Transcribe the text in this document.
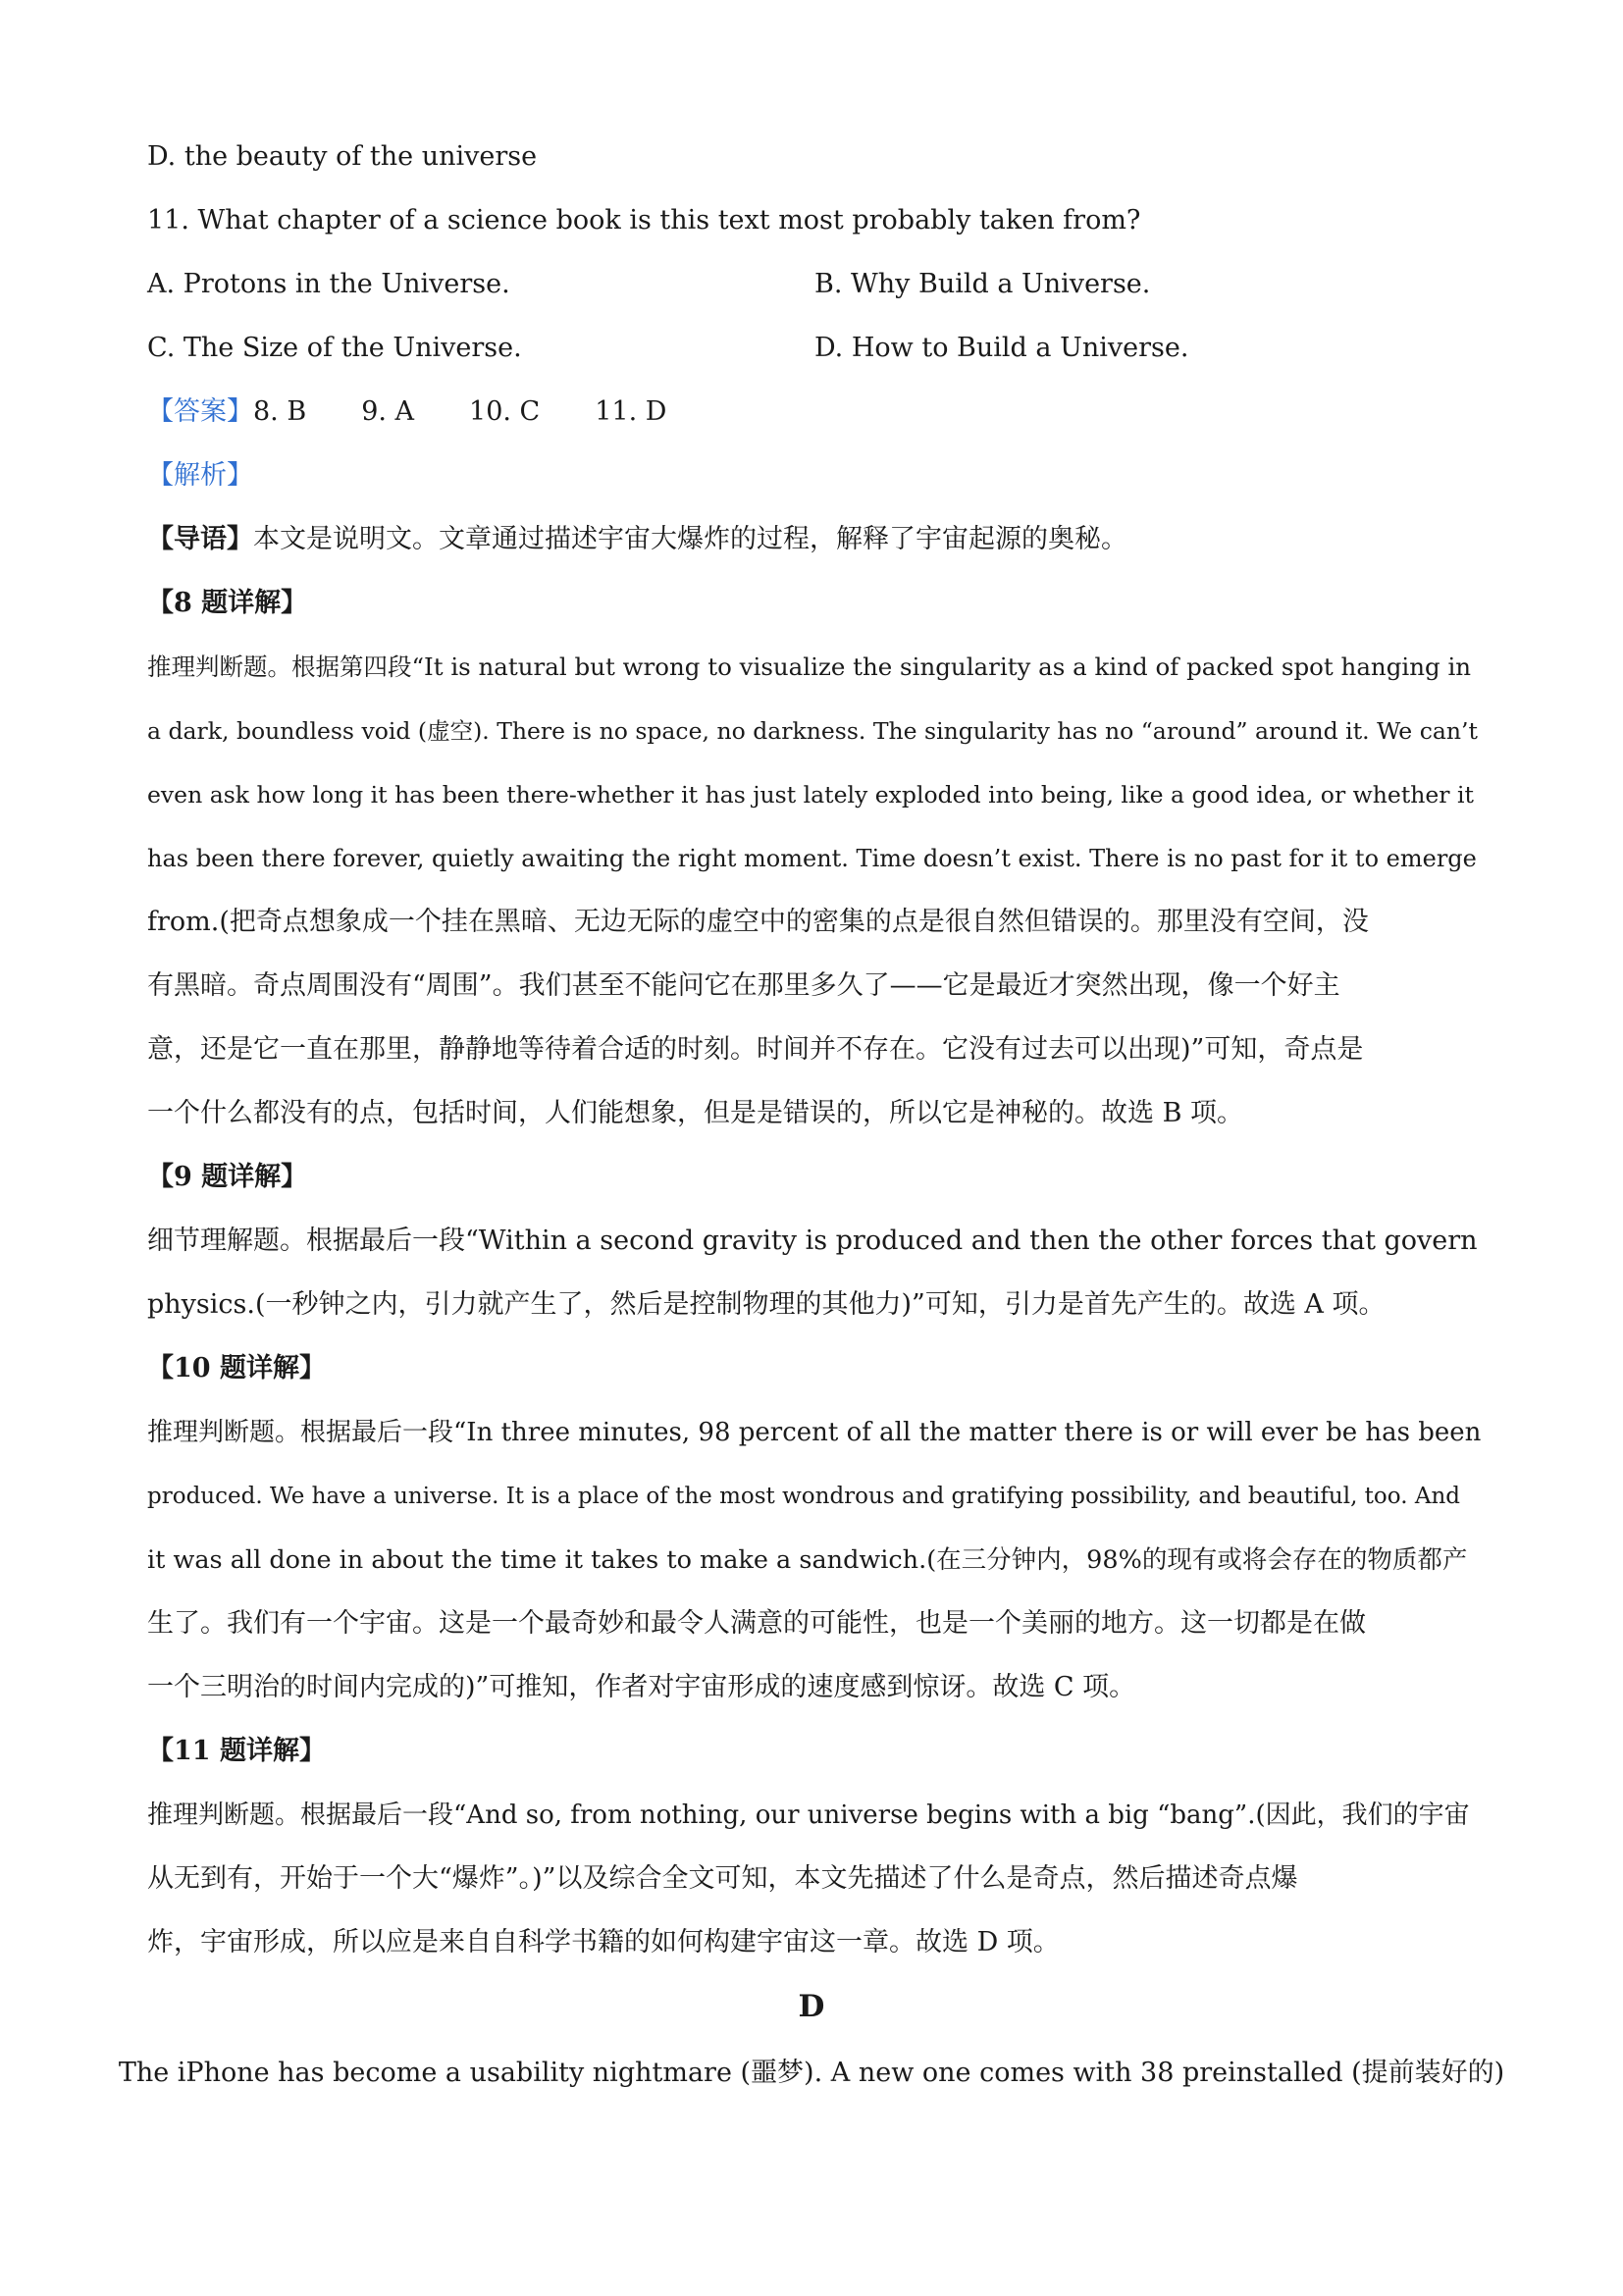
D. the beauty of the universe
11. What chapter of a science book is this text most probably taken from?
A. Protons in the Universe.	B. Why Build a Universe.
C. The Size of the Universe.	D. How to Build a Universe.
【答案】8. B 9. A 10. C 11. D
【解析】
【导语】本文是说明文。文章通过描述宇宙大爆炸的过程，解释了宇宙起源的奥秘。
【8 题详解】
推理判断题。根据第四段“It is natural but wrong to visualize the singularity as a kind of packed spot hanging in
a dark, boundless void (虚空). There is no space, no darkness. The singularity has no “around” around it. We can’t
even ask how long it has been there-whether it has just lately exploded into being, like a good idea, or whether it
has been there forever, quietly awaiting the right moment. Time doesn’t exist. There is no past for it to emerge
from.(把奇点想象成一个挂在黑暗、无边无际的虚空中的密集的点是很自然但错误的。那里没有空间，没
有黑暗。奇点周围没有“周围”。我们甚至不能问它在那里多久了——它是最近才突然出现，像一个好主
意，还是它一直在那里，静静地等待着合适的时刻。时间并不存在。它没有过去可以出现)”可知，奇点是
一个什么都没有的点，包括时间，人们能想象，但是是错误的，所以它是神秘的。故选 B 项。
【9 题详解】
细节理解题。根据最后一段“Within a second gravity is produced and then the other forces that govern
physics.(一秒钟之内，引力就产生了，然后是控制物理的其他力)”可知，引力是首先产生的。故选 A 项。
【10 题详解】
推理判断题。根据最后一段“In three minutes, 98 percent of all the matter there is or will ever be has been
produced. We have a universe. It is a place of the most wondrous and gratifying possibility, and beautiful, too. And
it was all done in about the time it takes to make a sandwich.(在三分钟内，98%的现有或将会存在的物质都产
生了。我们有一个宇宙。这是一个最奇妙和最令人满意的可能性，也是一个美丽的地方。这一切都是在做
一个三明治的时间内完成的)”可推知，作者对宇宙形成的速度感到惊讶。故选 C 项。
【11 题详解】
推理判断题。根据最后一段“And so, from nothing, our universe begins with a big “bang”.(因此，我们的宇宙
从无到有，开始于一个大“爆炸”。)”以及综合全文可知，本文先描述了什么是奇点，然后描述奇点爆
炸，宇宙形成，所以应是来自自科学书籍的如何构建宇宙这一章。故选 D 项。
D
The iPhone has become a usability nightmare (噩梦). A new one comes with 38 preinstalled (提前装好的)
